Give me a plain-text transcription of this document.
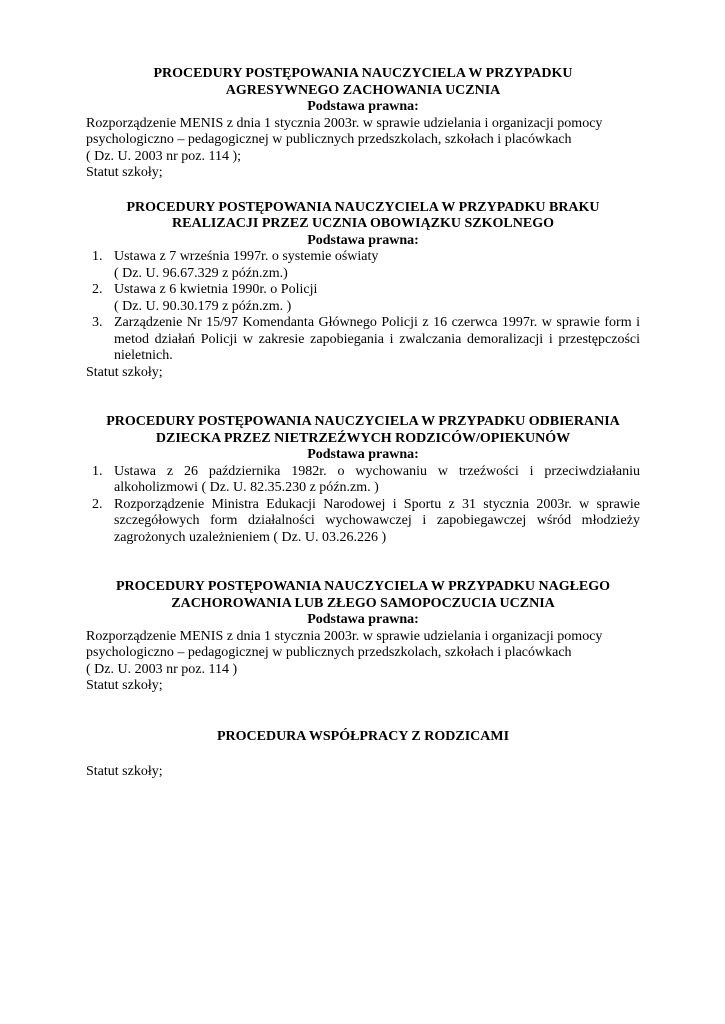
PROCEDURY POSTĘPOWANIA NAUCZYCIELA W PRZYPADKU
AGRESYWNEGO ZACHOWANIA UCZNIA

Podstawa prawna:

Rozporządzenie MENIS z dnia 1 stycznia 2003r. w sprawie udzielania i organizacji pomocy
psychologiczno – pedagogicznej w publicznych przedszkolach, szkołach i placówkach
( Dz. U. 2003 nr poz. 114 );

Statut szkoły;

PROCEDURY POSTĘPOWANIA NAUCZYCIELA W PRZYPADKU BRAKU
REALIZACJI PRZEZ UCZNIA OBOWIĄZKU SZKOLNEGO

Podstawa prawna:

1. Ustawa z 7 września 1997r. o systemie oświaty
( Dz. U. 96.67.329 z późn.zm.)
2. Ustawa z 6 kwietnia 1990r. o Policji
( Dz. U. 90.30.179 z późn.zm. )
3. Zarządzenie Nr 15/97 Komendanta Głównego Policji z 16 czerwca 1997r. w sprawie form i metod działań Policji w zakresie zapobiegania i zwalczania demoralizacji i przestępczości nieletnich.

Statut szkoły;

PROCEDURY POSTĘPOWANIA NAUCZYCIELA W PRZYPADKU ODBIERANIA
DZIECKA PRZEZ NIETRZEŹWYCH RODZICÓW/OPIEKUNÓW

Podstawa prawna:

1. Ustawa z 26 października 1982r. o wychowaniu w trzeźwości i przeciwdziałaniu alkoholizmowi ( Dz. U. 82.35.230 z późn.zm. )
2. Rozporządzenie Ministra Edukacji Narodowej i Sportu z 31 stycznia 2003r. w sprawie szczegółowych form działalności wychowawczej i zapobiegawczej wśród młodzieży zagrożonych uzależnieniem ( Dz. U. 03.26.226 )

PROCEDURY POSTĘPOWANIA NAUCZYCIELA W PRZYPADKU NAGŁEGO
ZACHOROWANIA LUB ZŁEGO SAMOPOCZUCIA UCZNIA

Podstawa prawna:

Rozporządzenie MENIS z dnia 1 stycznia 2003r. w sprawie udzielania i organizacji pomocy
psychologiczno – pedagogicznej w publicznych przedszkolach, szkołach i placówkach
( Dz. U. 2003 nr poz. 114 )

Statut szkoły;

PROCEDURA WSPÓŁPRACY Z RODZICAMI

Statut szkoły;
